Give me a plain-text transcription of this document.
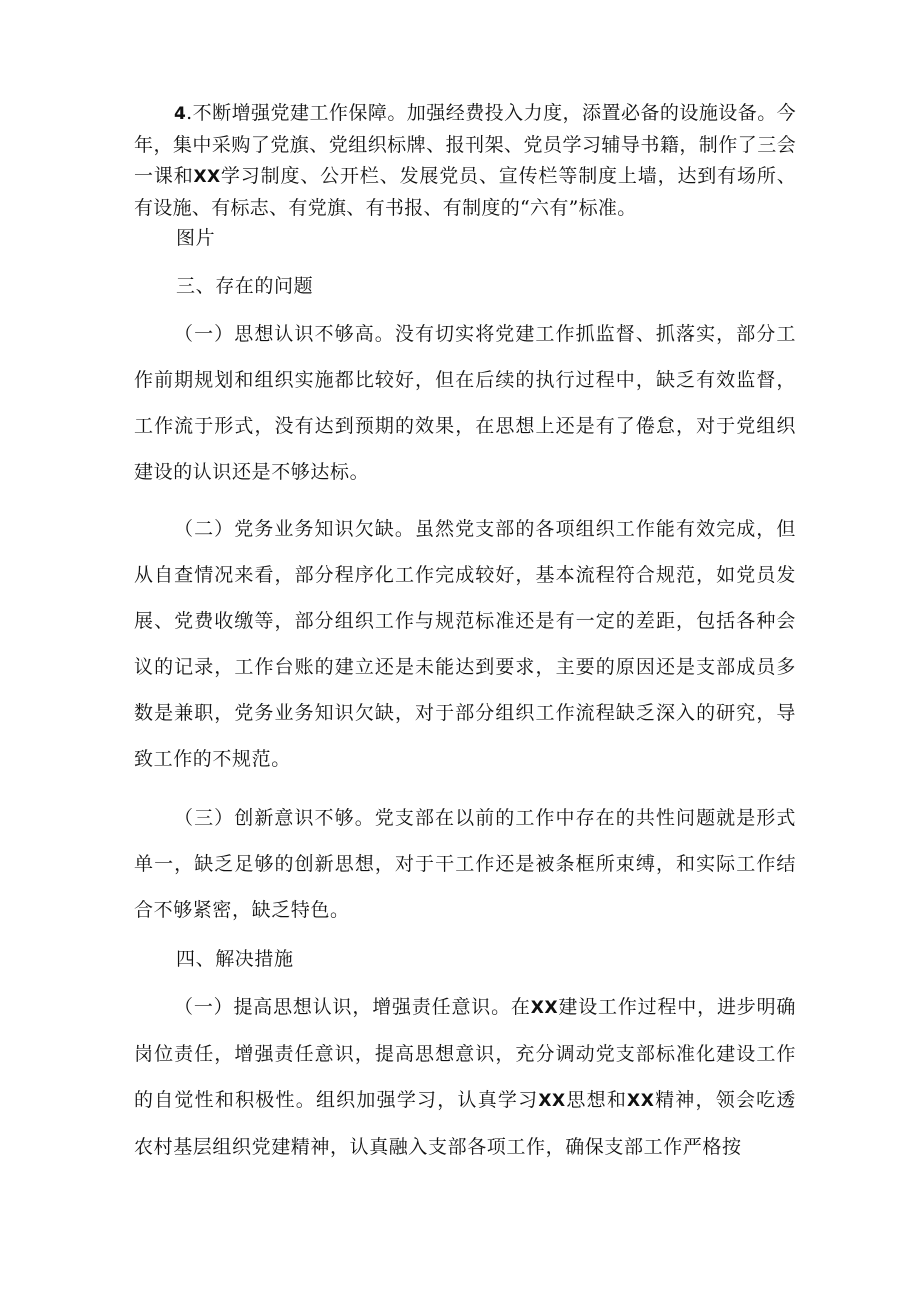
4.不断增强党建工作保障。加强经费投入力度，添置必备的设施设备。今年，集中采购了党旗、党组织标牌、报刊架、党员学习辅导书籍，制作了三会一课和XX学习制度、公开栏、发展党员、宣传栏等制度上墙，达到有场所、有设施、有标志、有党旗、有书报、有制度的“六有”标准。

图片

三、存在的问题

（一）思想认识不够高。没有切实将党建工作抓监督、抓落实，部分工作前期规划和组织实施都比较好，但在后续的执行过程中，缺乏有效监督，工作流于形式，没有达到预期的效果，在思想上还是有了倦怠，对于党组织建设的认识还是不够达标。

（二）党务业务知识欠缺。虽然党支部的各项组织工作能有效完成，但从自查情况来看，部分程序化工作完成较好，基本流程符合规范，如党员发展、党费收缴等，部分组织工作与规范标准还是有一定的差距，包括各种会议的记录，工作台账的建立还是未能达到要求，主要的原因还是支部成员多数是兼职，党务业务知识欠缺，对于部分组织工作流程缺乏深入的研究，导致工作的不规范。

（三）创新意识不够。党支部在以前的工作中存在的共性问题就是形式单一，缺乏足够的创新思想，对于干工作还是被条框所束缚，和实际工作结合不够紧密，缺乏特色。

四、解决措施

（一）提高思想认识，增强责任意识。在XX建设工作过程中，进步明确岗位责任，增强责任意识，提高思想意识，充分调动党支部标准化建设工作的自觉性和积极性。组织加强学习，认真学习XX思想和XX精神，领会吃透农村基层组织党建精神，认真融入支部各项工作，确保支部工作严格按
